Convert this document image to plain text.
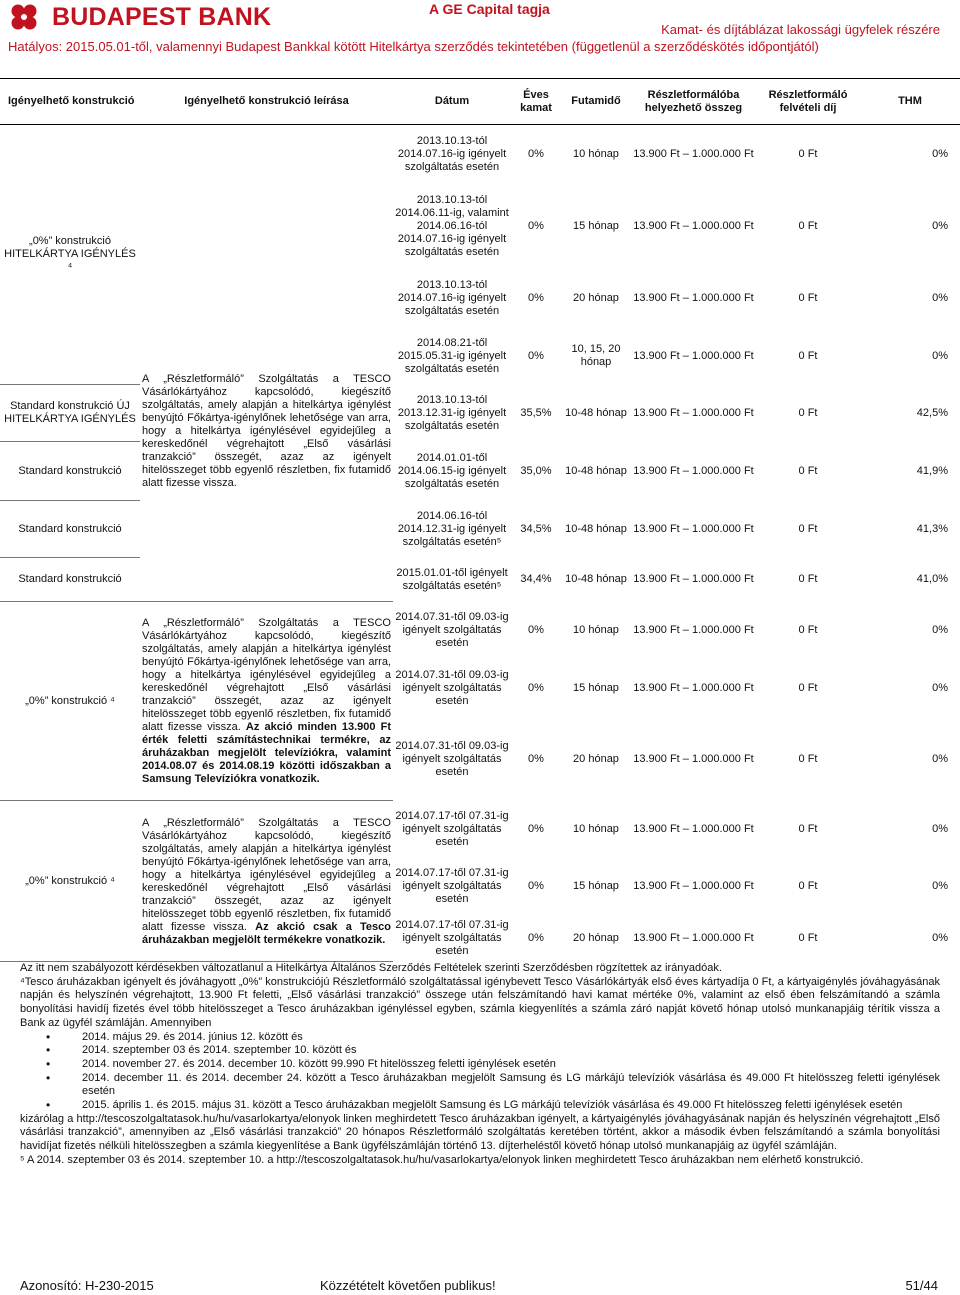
BUDAPEST BANK	A GE Capital tagja
Kamat- és díjtáblázat lakossági ügyfelek részére
Hatályos: 2015.05.01-től, valamennyi Budapest Bankkal kötött Hitelkártya szerződés tekintetében (függetlenül a szerződéskötés időpontjától)
Igényelhető konstrukció	Igényelhető konstrukció leírása	Dátum	Éves kamat	Futamidő	Részletformálóba helyezhető összeg	Részletformáló felvételi díj	THM
„0%” konstrukció HITELKÁRTYA IGÉNYLÉS ⁴	A „Részletformáló” Szolgáltatás a TESCO Vásárlókártyához kapcsolódó, kiegészítő szolgáltatás, amely alapján a hitelkártya igénylést benyújtó Főkártya-igénylőnek lehetősége van arra, hogy a hitelkártya igénylésével egyidejűleg a kereskedőnél végrehajtott „Első vásárlási tranzakció” összegét, azaz az igényelt hitelösszeget több egyenlő részletben, fix futamidő alatt fizesse vissza.	2013.10.13-tól 2014.07.16-ig igényelt szolgáltatás esetén	0%	10 hónap	13.900 Ft – 1.000.000 Ft	0 Ft	0%
		2013.10.13-tól 2014.06.11-ig, valamint 2014.06.16-tól 2014.07.16-ig igényelt szolgáltatás esetén	0%	15 hónap	13.900 Ft – 1.000.000 Ft	0 Ft	0%
		2013.10.13-tól 2014.07.16-ig igényelt szolgáltatás esetén	0%	20 hónap	13.900 Ft – 1.000.000 Ft	0 Ft	0%
		2014.08.21-től 2015.05.31-ig igényelt szolgáltatás esetén	0%	10, 15, 20 hónap	13.900 Ft – 1.000.000 Ft	0 Ft	0%
Standard konstrukció ÚJ HITELKÁRTYA IGÉNYLÉS		2013.10.13-tól 2013.12.31-ig igényelt szolgáltatás esetén	35,5%	10-48 hónap	13.900 Ft – 1.000.000 Ft	0 Ft	42,5%
Standard konstrukció		2014.01.01-től 2014.06.15-ig igényelt szolgáltatás esetén	35,0%	10-48 hónap	13.900 Ft – 1.000.000 Ft	0 Ft	41,9%
Standard konstrukció		2014.06.16-tól 2014.12.31-ig igényelt szolgáltatás esetén⁵	34,5%	10-48 hónap	13.900 Ft – 1.000.000 Ft	0 Ft	41,3%
Standard konstrukció		2015.01.01-től igényelt szolgáltatás esetén⁵	34,4%	10-48 hónap	13.900 Ft – 1.000.000 Ft	0 Ft	41,0%
„0%” konstrukció ⁴	A „Részletformáló” Szolgáltatás a TESCO Vásárlókártyához kapcsolódó, kiegészítő szolgáltatás, amely alapján a hitelkártya igénylést benyújtó Főkártya-igénylőnek lehetősége van arra, hogy a hitelkártya igénylésével egyidejűleg a kereskedőnél végrehajtott „Első vásárlási tranzakció” összegét, azaz az igényelt hitelösszeget több egyenlő részletben, fix futamidő alatt fizesse vissza. Az akció minden 13.900 Ft érték feletti számítástechnikai termékre, az áruházakban megjelölt televíziókra, valamint 2014.08.07 és 2014.08.19 közötti időszakban a Samsung Televíziókra vonatkozik.	2014.07.31-től 09.03-ig igényelt szolgáltatás esetén	0%	10 hónap	13.900 Ft – 1.000.000 Ft	0 Ft	0%
		2014.07.31-től 09.03-ig igényelt szolgáltatás esetén	0%	15 hónap	13.900 Ft – 1.000.000 Ft	0 Ft	0%
		2014.07.31-től 09.03-ig igényelt szolgáltatás esetén	0%	20 hónap	13.900 Ft – 1.000.000 Ft	0 Ft	0%
„0%” konstrukció ⁴	A „Részletformáló” Szolgáltatás a TESCO Vásárlókártyához kapcsolódó, kiegészítő szolgáltatás, amely alapján a hitelkártya igénylést benyújtó Főkártya-igénylőnek lehetősége van arra, hogy a hitelkártya igénylésével egyidejűleg a kereskedőnél végrehajtott „Első vásárlási tranzakció” összegét, azaz az igényelt hitelösszeget több egyenlő részletben, fix futamidő alatt fizesse vissza. Az akció csak a Tesco áruházakban megjelölt termékekre vonatkozik.	2014.07.17-től 07.31-ig igényelt szolgáltatás esetén	0%	10 hónap	13.900 Ft – 1.000.000 Ft	0 Ft	0%
		2014.07.17-től 07.31-ig igényelt szolgáltatás esetén	0%	15 hónap	13.900 Ft – 1.000.000 Ft	0 Ft	0%
		2014.07.17-től 07.31-ig igényelt szolgáltatás esetén	0%	20 hónap	13.900 Ft – 1.000.000 Ft	0 Ft	0%
Az itt nem szabályozott kérdésekben változatlanul a Hitelkártya Általános Szerződés Feltételek szerinti Szerződésben rögzítettek az irányadóak.
⁴Tesco áruházakban igényelt és jóváhagyott „0%” konstrukciójú Részletformáló szolgáltatással igénybevett Tesco Vásárlókártyák első éves kártyadíja 0 Ft, a kártyaigénylés jóváhagyásának napján és helyszínén végrehajtott, 13.900 Ft feletti, „Első vásárlási tranzakció” összege után felszámítandó havi kamat mértéke 0%, valamint az első ében felszámítandó a számla bonyolítási havidíj fizetés ével több hitelösszeget a Tesco áruházakban igényléssel egyben, számla kiegyenlítés a számla záró napját követő hónap utolsó munkanapjáig térítik vissza a Bank az ügyfél számláján. Amennyiben
• 2014. május 29. és 2014. június 12. között és
• 2014. szeptember 03 és 2014. szeptember 10. között és
• 2014. november 27. és 2014. december 10. között 99.990 Ft hitelösszeg feletti igénylések esetén
• 2014. december 11. és 2014. december 24. között a Tesco áruházakban megjelölt Samsung és LG márkájú televíziók vásárlása és 49.000 Ft hitelösszeg feletti igénylések esetén
• 2015. április 1. és 2015. május 31. között a Tesco áruházakban megjelölt Samsung és LG márkájú televíziók vásárlása és 49.000 Ft hitelösszeg feletti igénylések esetén
kizárólag a http://tescoszolgaltatasok.hu/hu/vasarlokartya/elonyok linken meghirdetett Tesco áruházakban igényelt, a kártyaigénylés jóváhagyásának napján és helyszínén végrehajtott „Első vásárlási tranzakció”, amennyiben az „Első vásárlási tranzakció” 20 hónapos Részletformáló szolgáltatás keretében történt, akkor a második évben felszámítandó a számla bonyolítási havidíjat fizetés nélküli hitelösszegben a számla kiegyenlítése a Bank ügyfélszámláján történő 13. díjterheléstől követő hónap utolsó munkanapjáig az ügyfél számláján.
⁵ A 2014. szeptember 03 és 2014. szeptember 10. a http://tescoszolgaltatasok.hu/hu/vasarlokartya/elonyok linken meghirdetett Tesco áruházakban nem elérhető konstrukció.
Azonosító: H-230-2015	Közzétételt követően publikus!	51/44
